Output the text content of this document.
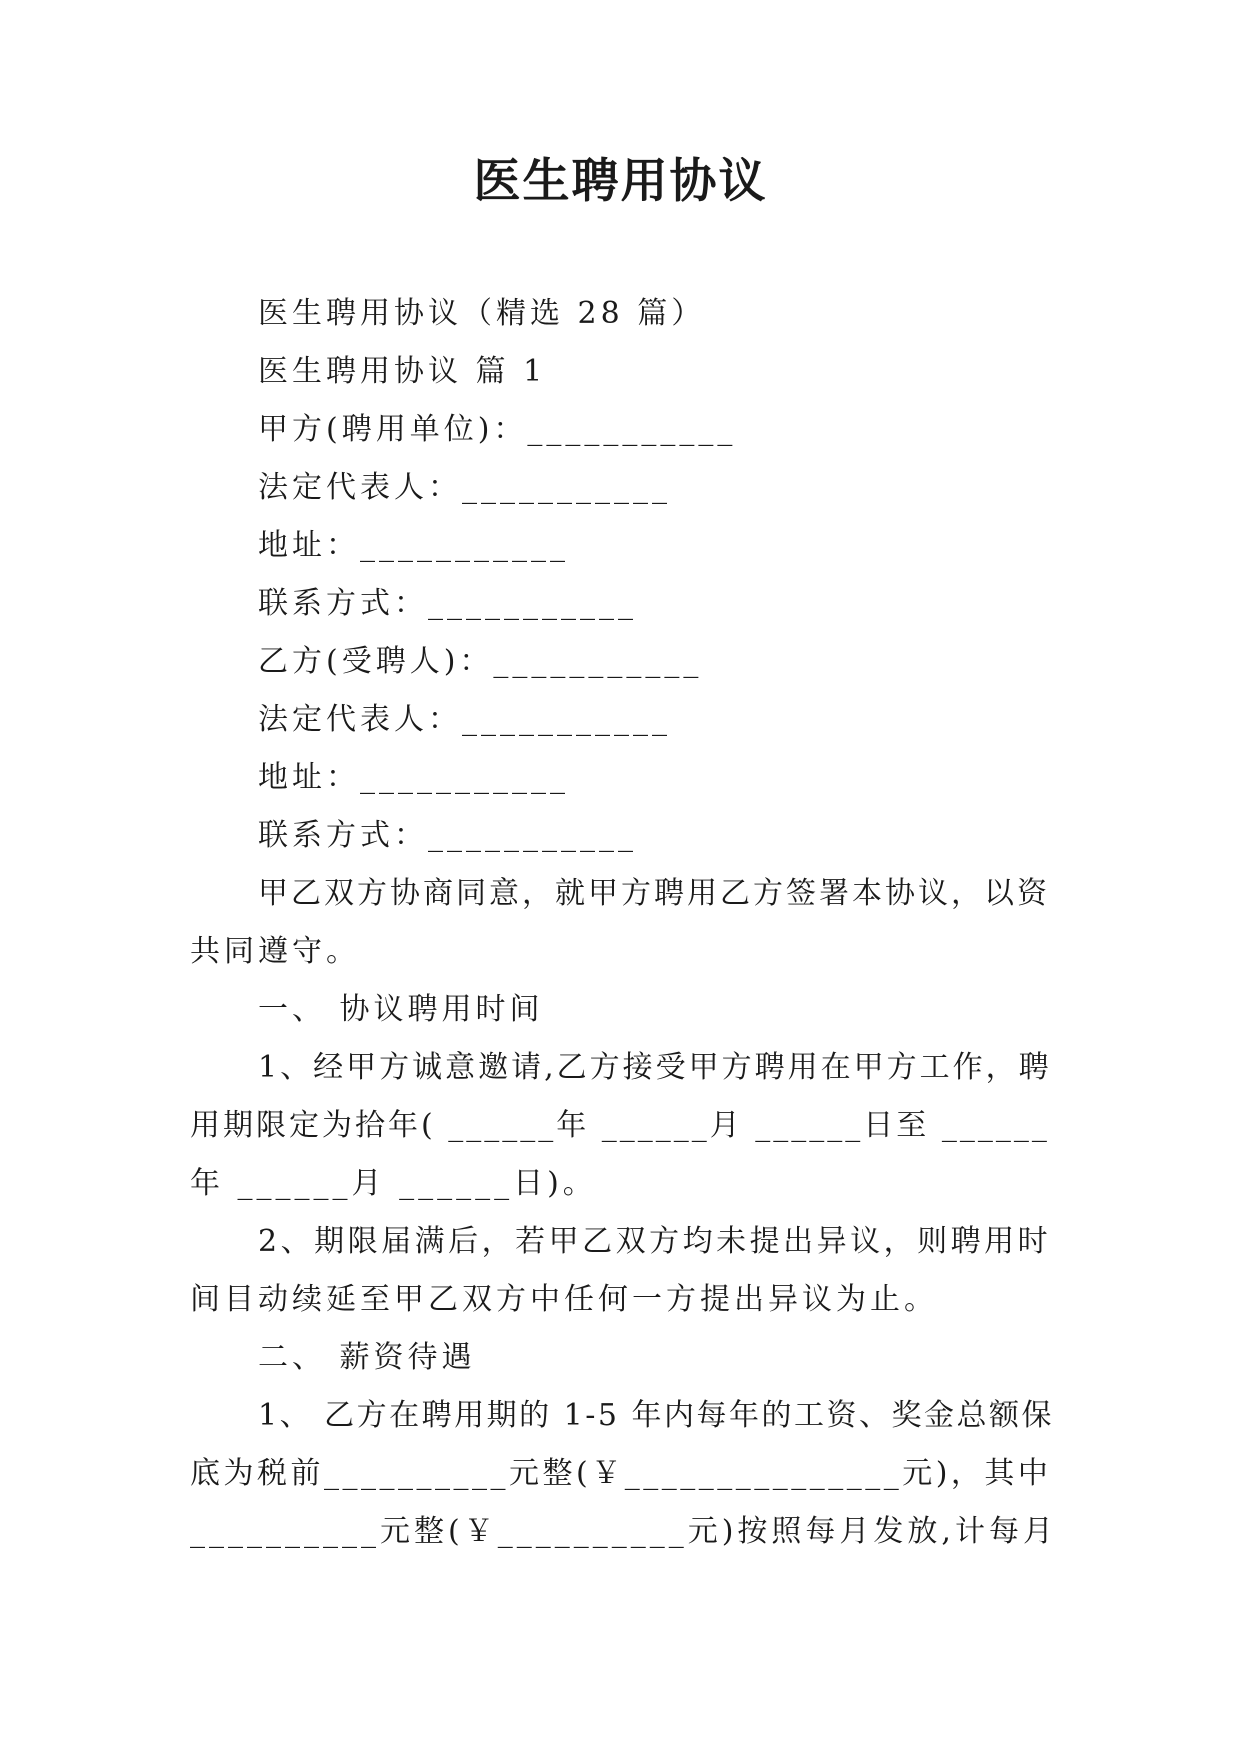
医生聘用协议
医生聘用协议（精选 28 篇）
医生聘用协议 篇 1
甲方(聘用单位)：___________
法定代表人：___________
地址：___________
联系方式：___________
乙方(受聘人)：___________
法定代表人：___________
地址：___________
联系方式：___________
甲乙双方协商同意，就甲方聘用乙方签署本协议，以资
共同遵守。
一、 协议聘用时间
1、经甲方诚意邀请,乙方接受甲方聘用在甲方工作，聘
用期限定为拾年( ______年 ______月 ______日至 ______
年 ______月 ______日)。
2、期限届满后，若甲乙双方均未提出异议，则聘用时
间目动续延至甲乙双方中任何一方提出异议为止。
二、 薪资待遇
1、 乙方在聘用期的 1-5 年内每年的工资、奖金总额保
底为税前__________元整(￥_______________元)，其中
__________元整(￥__________元)按照每月发放,计每月
